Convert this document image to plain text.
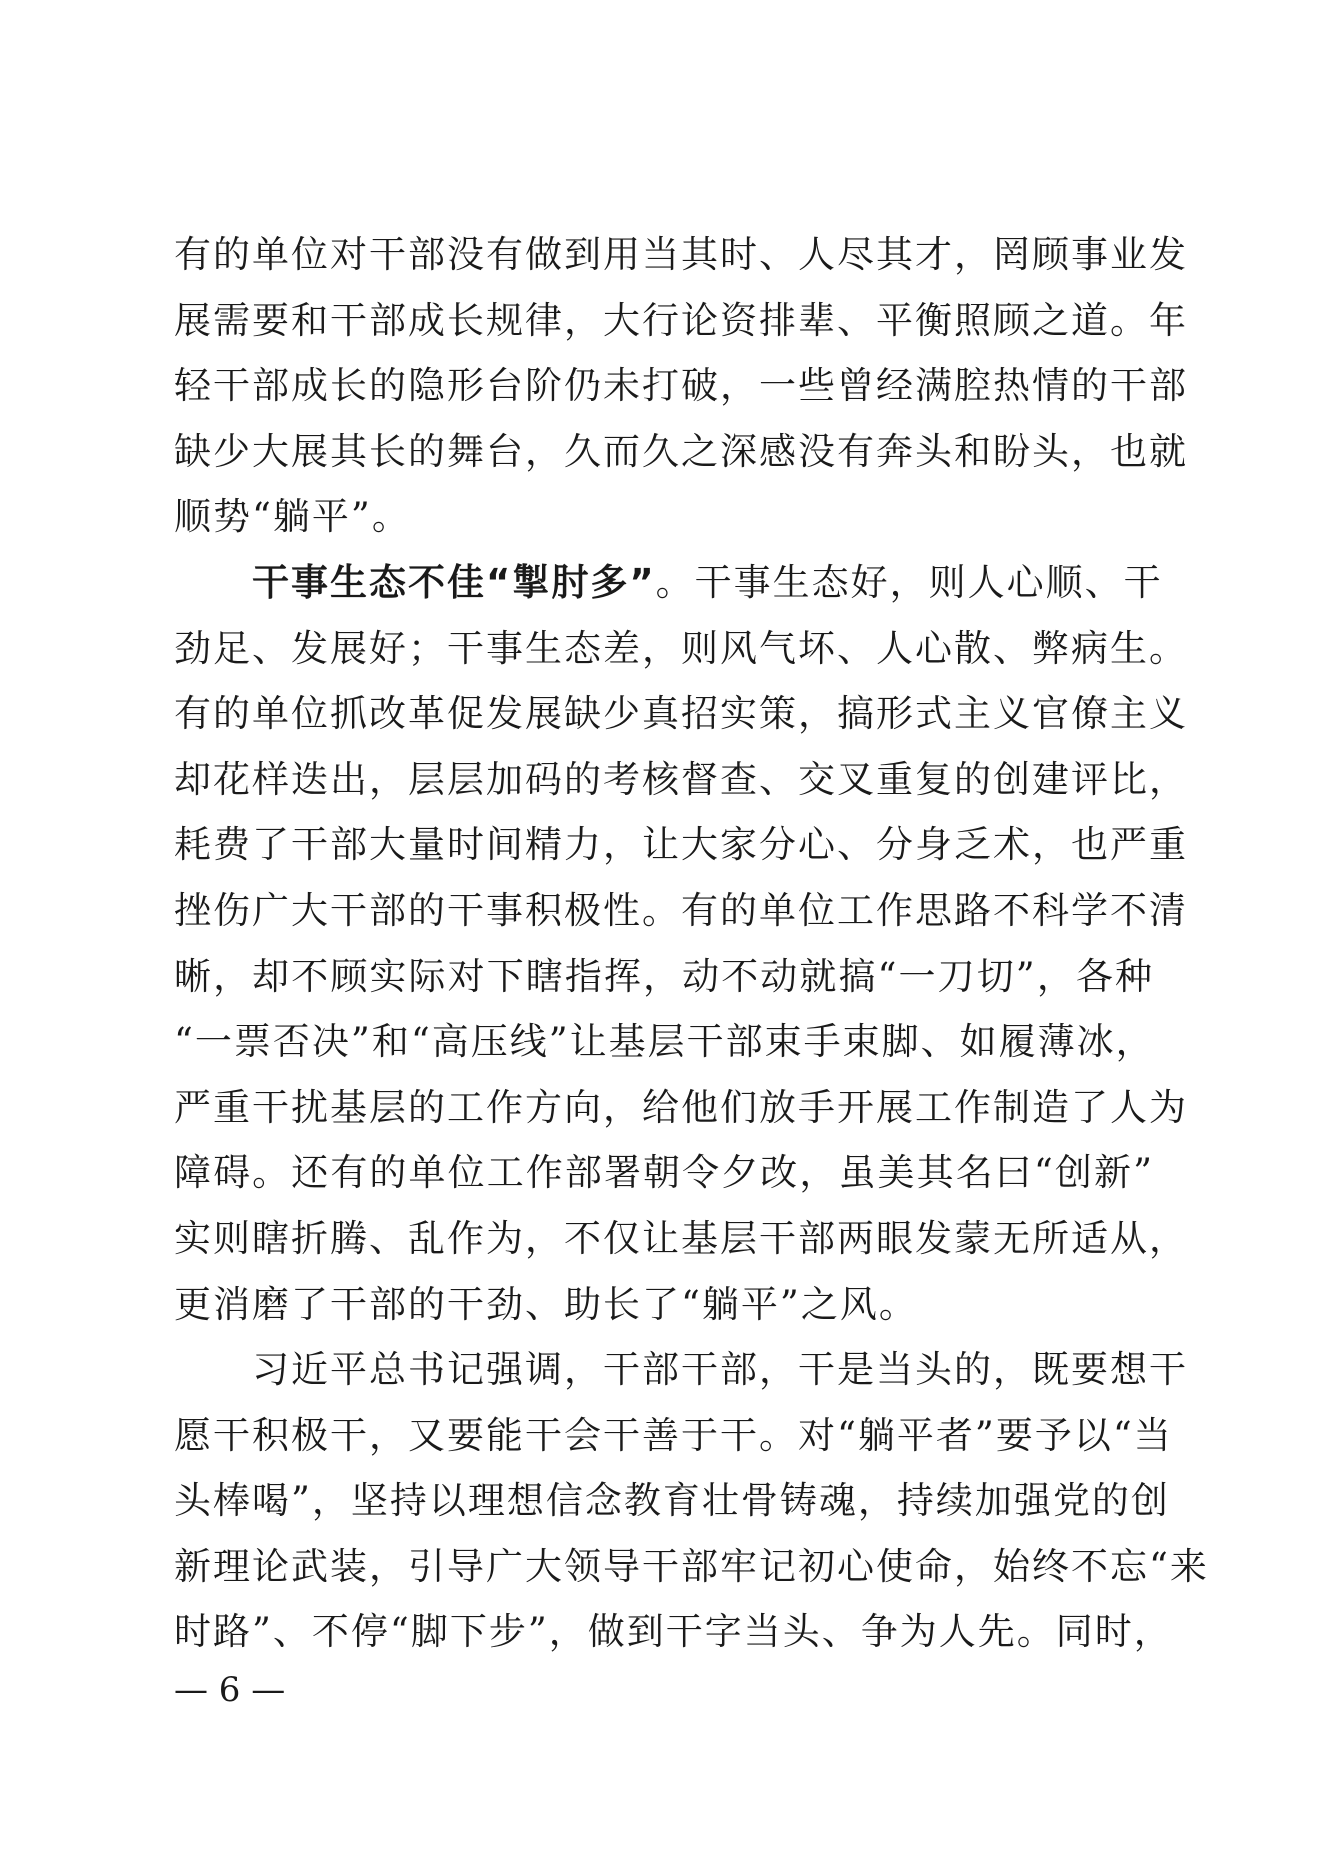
有的单位对干部没有做到用当其时、人尽其才，罔顾事业发
展需要和干部成长规律，大行论资排辈、平衡照顾之道。年
轻干部成长的隐形台阶仍未打破，一些曾经满腔热情的干部
缺少大展其长的舞台，久而久之深感没有奔头和盼头，也就
顺势“躺平”。
干事生态不佳“掣肘多”。干事生态好，则人心顺、干
劲足、发展好；干事生态差，则风气坏、人心散、弊病生。
有的单位抓改革促发展缺少真招实策，搞形式主义官僚主义
却花样迭出，层层加码的考核督查、交叉重复的创建评比，
耗费了干部大量时间精力，让大家分心、分身乏术，也严重
挫伤广大干部的干事积极性。有的单位工作思路不科学不清
晰，却不顾实际对下瞎指挥，动不动就搞“一刀切”，各种
“一票否决”和“高压线”让基层干部束手束脚、如履薄冰，
严重干扰基层的工作方向，给他们放手开展工作制造了人为
障碍。还有的单位工作部署朝令夕改，虽美其名曰“创新”
实则瞎折腾、乱作为，不仅让基层干部两眼发蒙无所适从，
更消磨了干部的干劲、助长了“躺平”之风。
习近平总书记强调，干部干部，干是当头的，既要想干
愿干积极干，又要能干会干善于干。对“躺平者”要予以“当
头棒喝”，坚持以理想信念教育壮骨铸魂，持续加强党的创
新理论武装，引导广大领导干部牢记初心使命，始终不忘“来
时路”、不停“脚下步”，做到干字当头、争为人先。同时，
— 6 —
